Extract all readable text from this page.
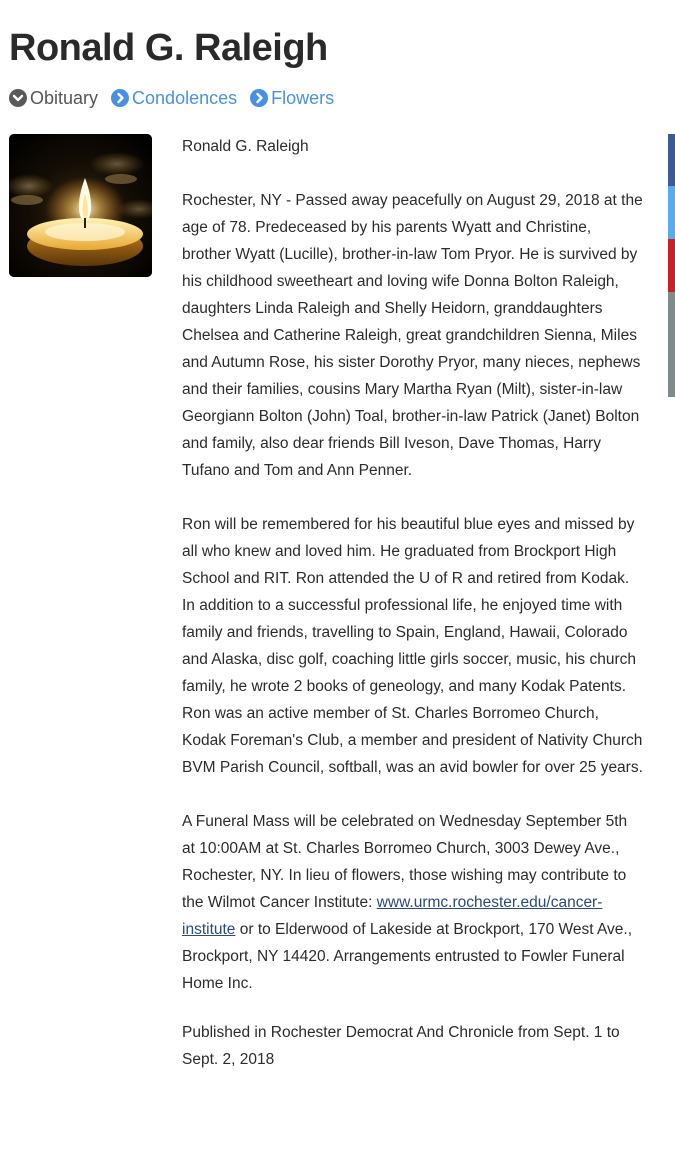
Ronald G. Raleigh
Obituary Condolences Flowers

Ronald G. Raleigh

Rochester, NY - Passed away peacefully on August 29, 2018 at the age of 78. Predeceased by his parents Wyatt and Christine, brother Wyatt (Lucille), brother-in-law Tom Pryor. He is survived by his childhood sweetheart and loving wife Donna Bolton Raleigh, daughters Linda Raleigh and Shelly Heidorn, granddaughters Chelsea and Catherine Raleigh, great grandchildren Sienna, Miles and Autumn Rose, his sister Dorothy Pryor, many nieces, nephews and their families, cousins Mary Martha Ryan (Milt), sister-in-law Georgiann Bolton (John) Toal, brother-in-law Patrick (Janet) Bolton and family, also dear friends Bill Iveson, Dave Thomas, Harry Tufano and Tom and Ann Penner.

Ron will be remembered for his beautiful blue eyes and missed by all who knew and loved him. He graduated from Brockport High School and RIT. Ron attended the U of R and retired from Kodak. In addition to a successful professional life, he enjoyed time with family and friends, travelling to Spain, England, Hawaii, Colorado and Alaska, disc golf, coaching little girls soccer, music, his church family, he wrote 2 books of geneology, and many Kodak Patents. Ron was an active member of St. Charles Borromeo Church, Kodak Foreman's Club, a member and president of Nativity Church BVM Parish Council, softball, was an avid bowler for over 25 years.

A Funeral Mass will be celebrated on Wednesday September 5th at 10:00AM at St. Charles Borromeo Church, 3003 Dewey Ave., Rochester, NY. In lieu of flowers, those wishing may contribute to the Wilmot Cancer Institute: www.urmc.rochester.edu/cancer-institute or to Elderwood of Lakeside at Brockport, 170 West Ave., Brockport, NY 14420. Arrangements entrusted to Fowler Funeral Home Inc.

Published in Rochester Democrat And Chronicle from Sept. 1 to Sept. 2, 2018
